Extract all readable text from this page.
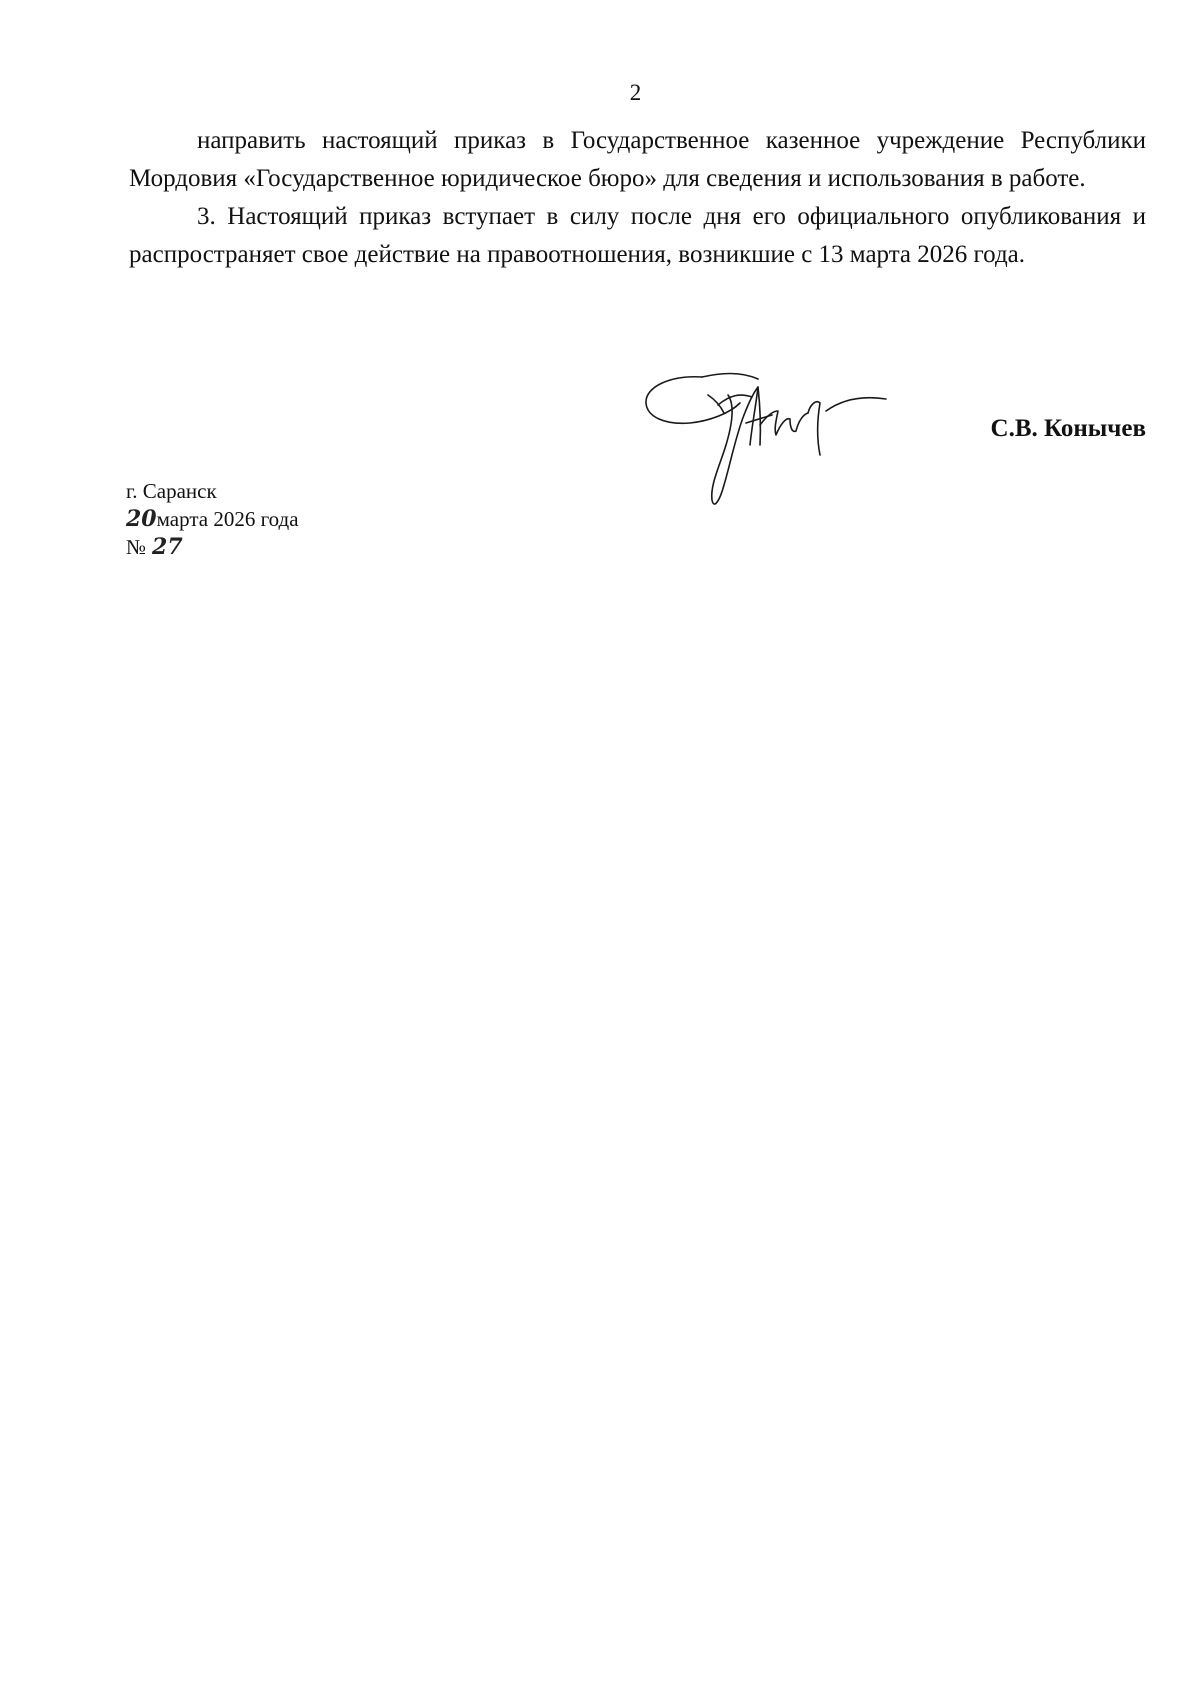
2

направить настоящий приказ в Государственное казенное учреждение Республики Мордовия «Государственное юридическое бюро» для сведения и использования в работе.

3. Настоящий приказ вступает в силу после дня его официального опубликования и распространяет свое действие на правоотношения, возникшие с 13 марта 2026 года.

С.В. Конычев
г. Саранск
20 марта 2026 года
№ 27
